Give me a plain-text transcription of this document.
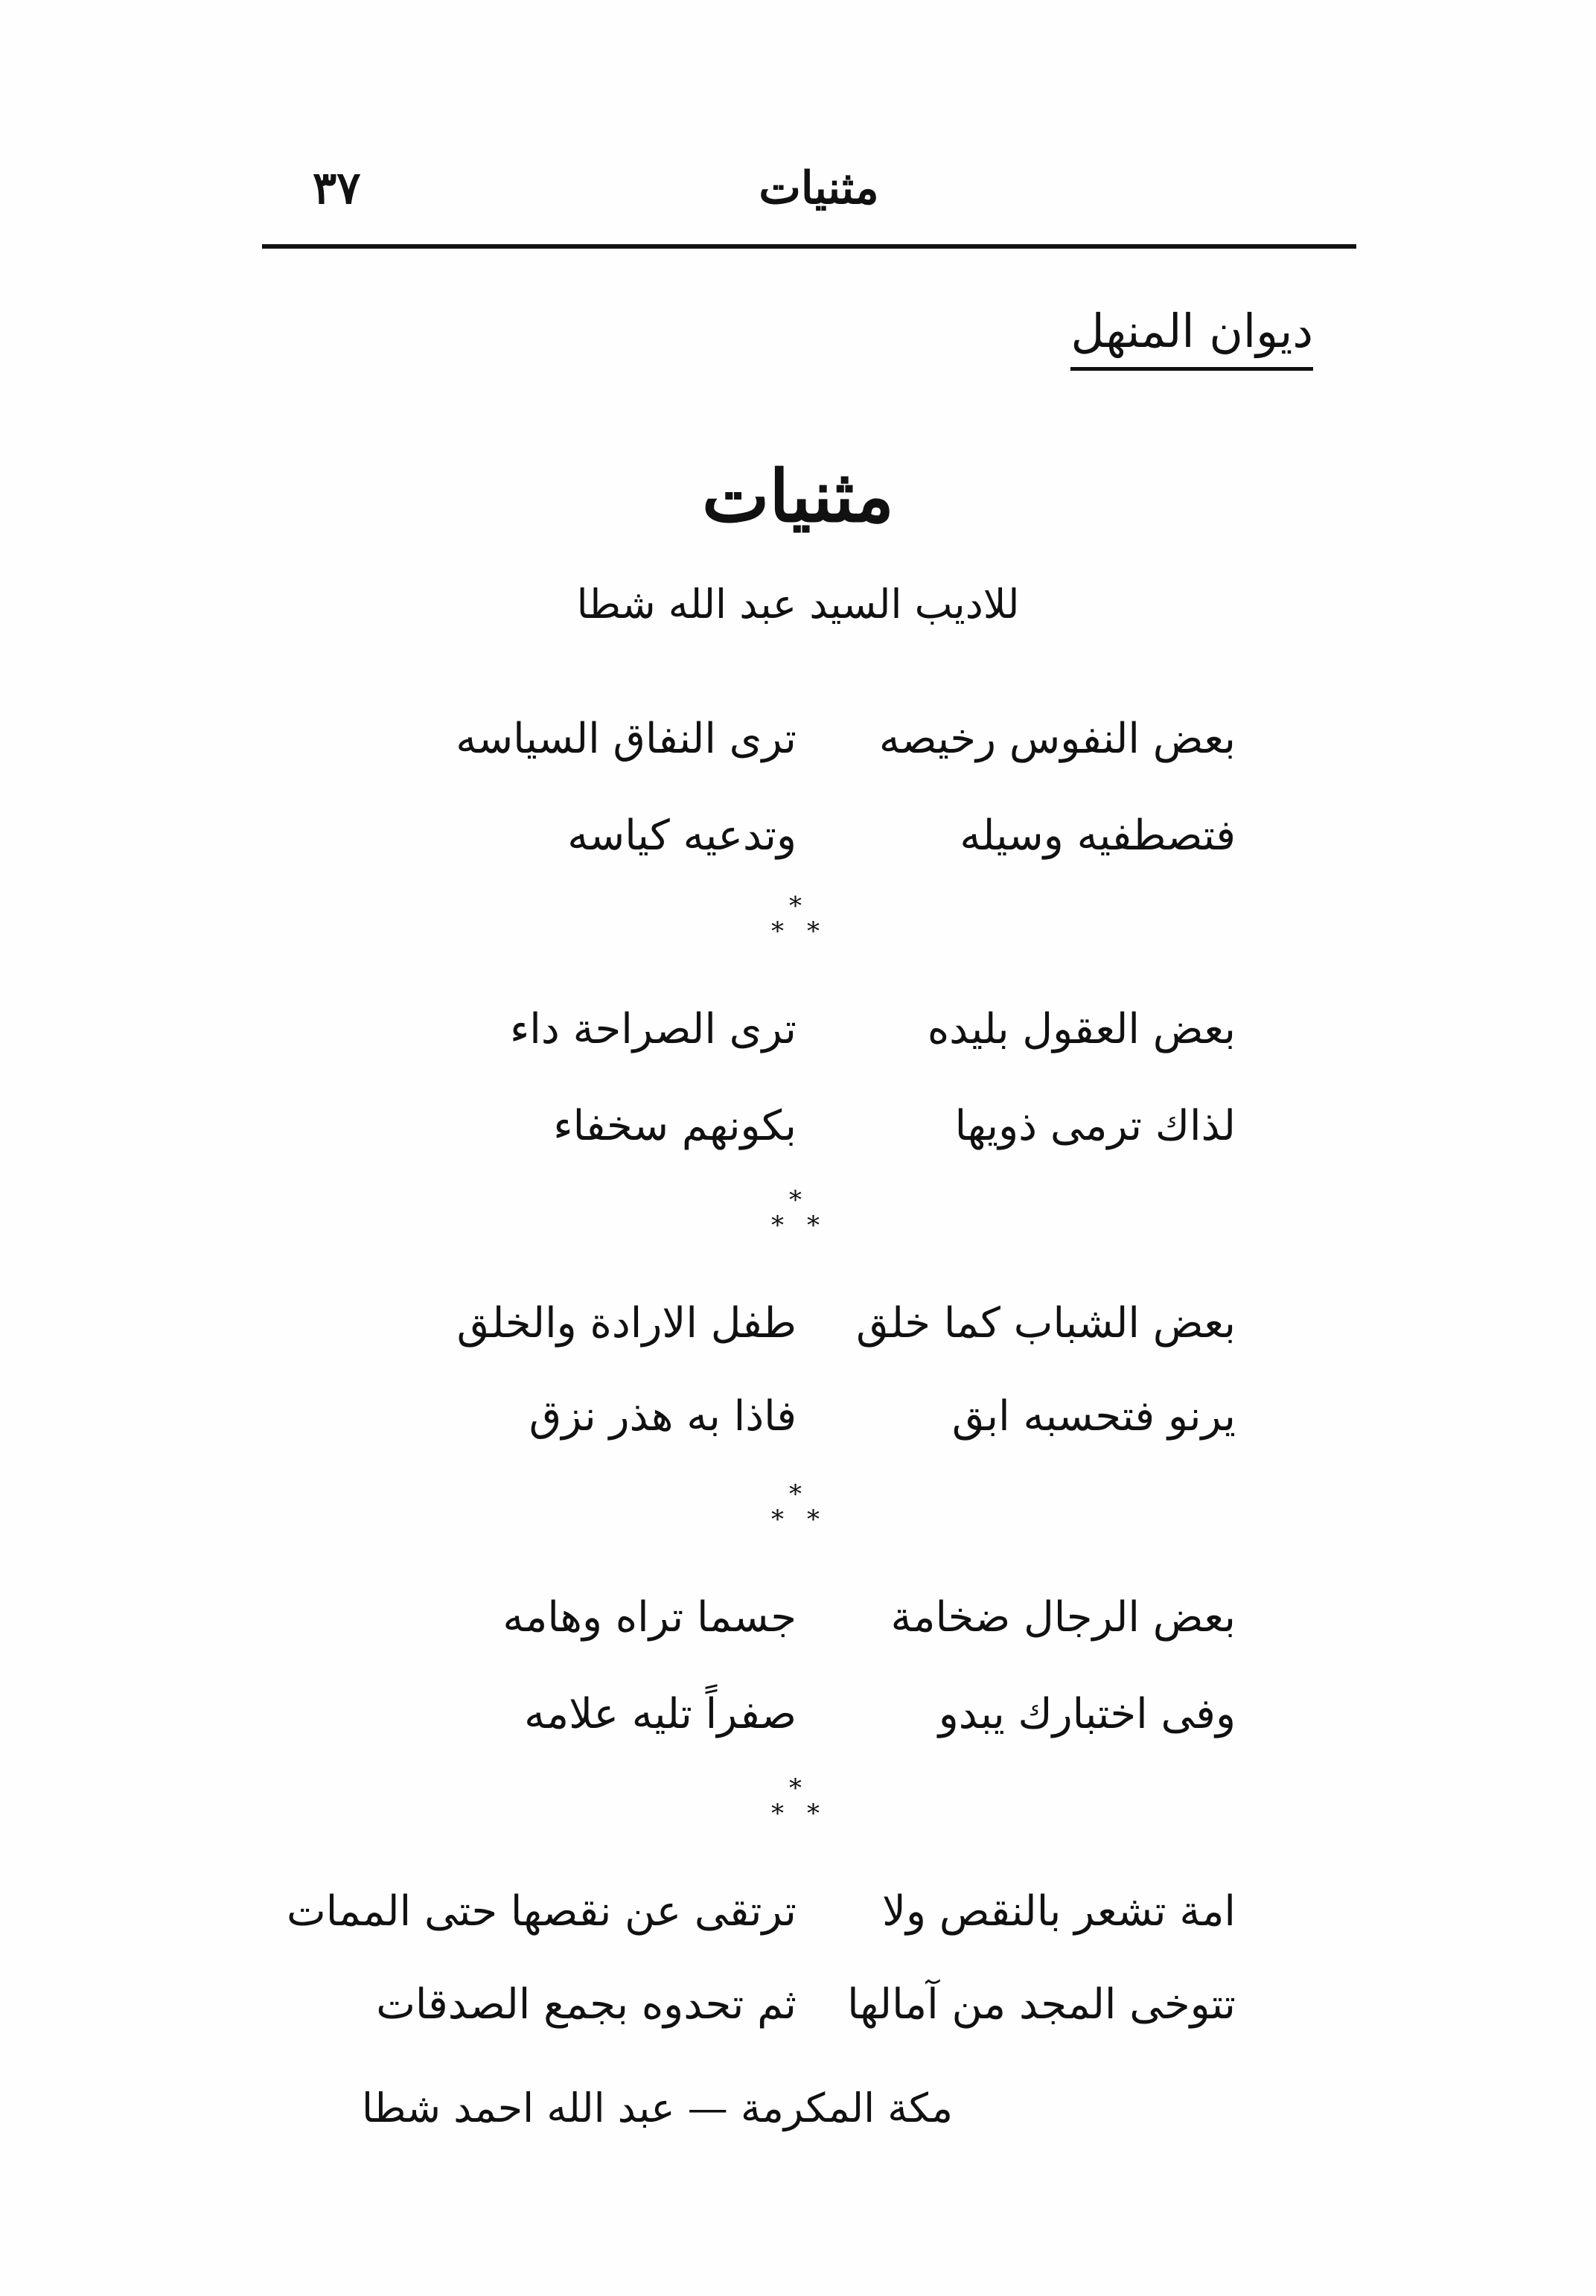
مثنيات
٣٧
ديوان المنهل
مثنيات
للاديب السيد عبد الله شطا
بعض النفوس رخيصه
ترى النفاق السياسه
فتصطفيه وسيله
وتدعيه كياسه
*
* *
بعض العقول بليده
ترى الصراحة داء
لذاك ترمى ذويها
بكونهم سخفاء
*
* *
بعض الشباب كما خلق
طفل الارادة والخلق
يرنو فتحسبه ابق
فاذا به هذر نزق
*
* *
بعض الرجال ضخامة
جسما تراه وهامه
وفى اختبارك يبدو
صفراً تليه علامه
*
* *
امة تشعر بالنقص ولا
ترتقى عن نقصها حتى الممات
تتوخى المجد من آمالها
ثم تحدوه بجمع الصدقات
مكة المكرمة — عبد الله احمد شطا
